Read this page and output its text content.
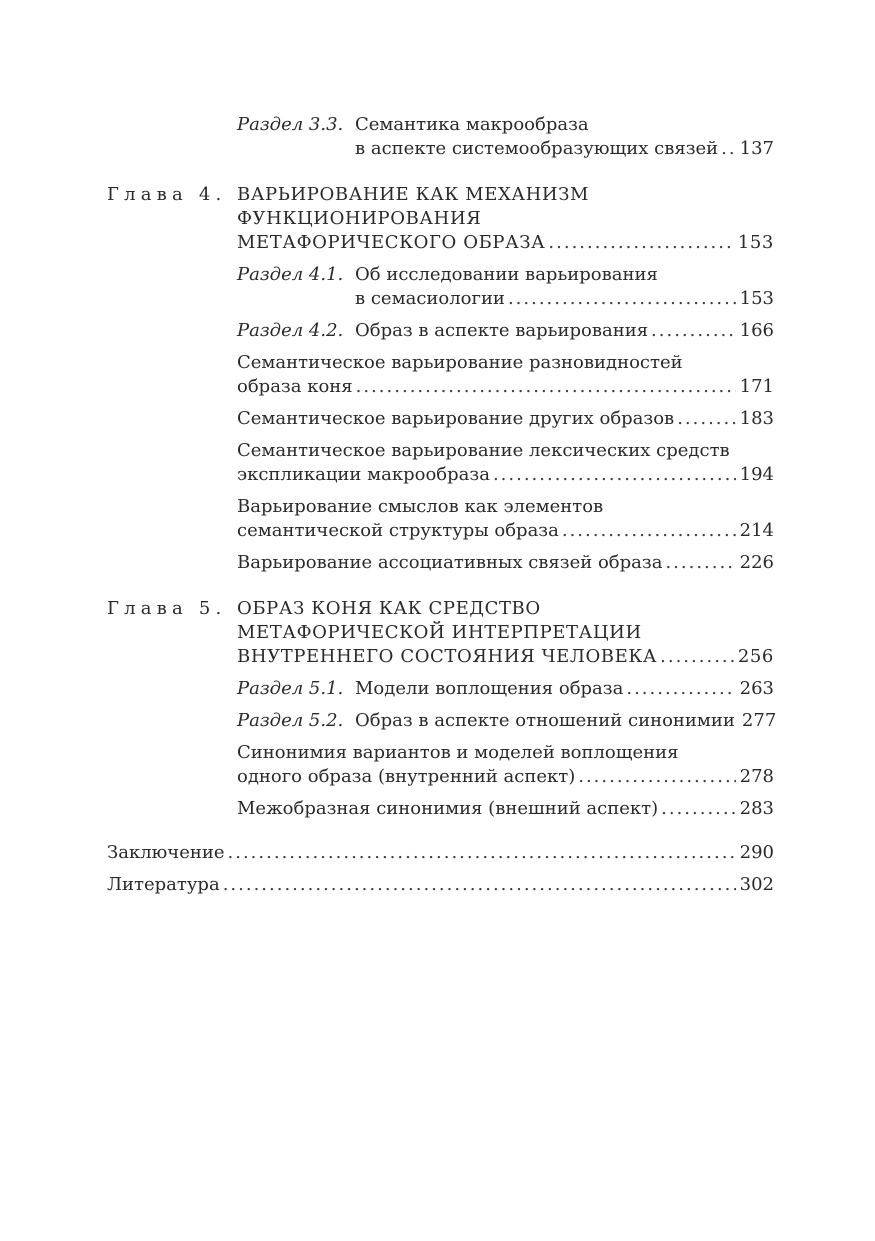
Раздел 3.3. Семантика макрообраза
в аспекте системообразующих связей ..... 137
Глава 4. ВАРЬИРОВАНИЕ КАК МЕХАНИЗМ
ФУНКЦИОНИРОВАНИЯ
МЕТАФОРИЧЕСКОГО ОБРАЗА .....	153
Раздел 4.1. Об исследовании варьирования
в семасиологии .....	153
Раздел 4.2. Образ в аспекте варьирования .....	166
Семантическое варьирование разновидностей
образа коня .....	171
Семантическое варьирование других образов .....	183
Семантическое варьирование лексических средств
экспликации макрообраза .....	194
Варьирование смыслов как элементов
семантической структуры образа .....	214
Варьирование ассоциативных связей образа .....	226
Глава 5. ОБРАЗ КОНЯ КАК СРЕДСТВО
МЕТАФОРИЧЕСКОЙ ИНТЕРПРЕТАЦИИ
ВНУТРЕННЕГО СОСТОЯНИЯ ЧЕЛОВЕКА .....	256
Раздел 5.1. Модели воплощения образа .....	263
Раздел 5.2. Образ в аспекте отношений синонимии 277
Синонимия вариантов и моделей воплощения
одного образа (внутренний аспект) .....	278
Межобразная синонимия (внешний аспект) .....	283
Заключение .....	290
Литература .....	302
